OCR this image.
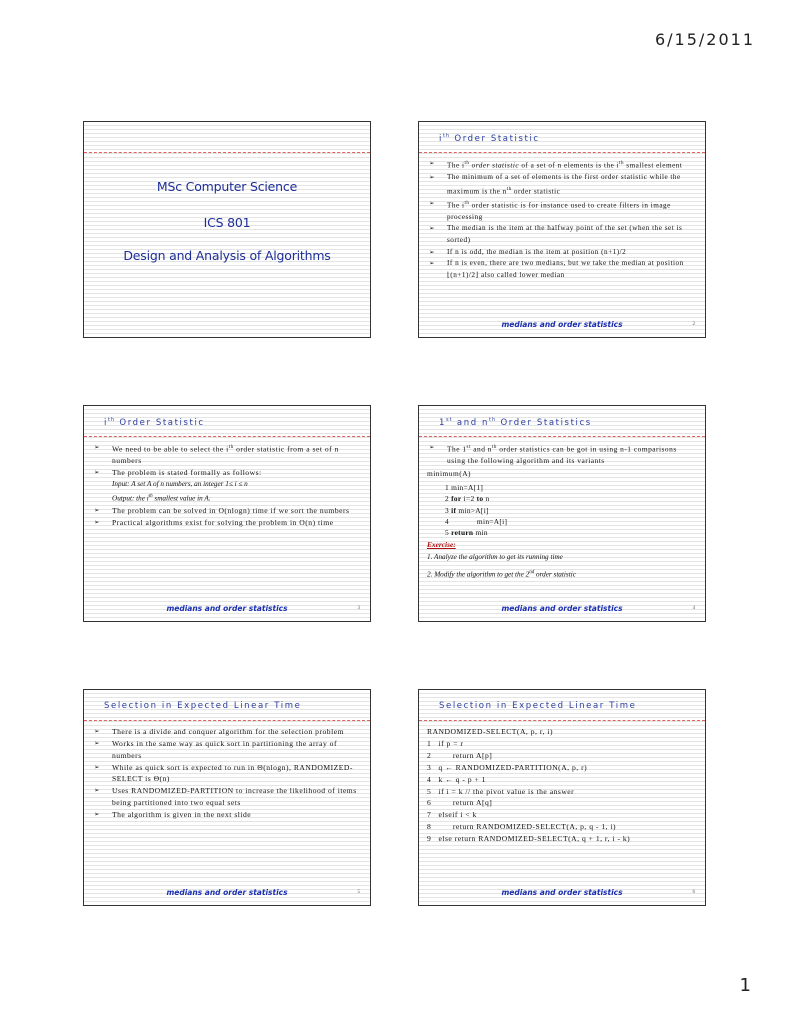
6/15/2011
MSc Computer Science
ICS 801
Design and Analysis of Algorithms
$i^{th}$ Order Statistic
➢ The $i^{th}$ order statistic of a set of n elements is the $i^{th}$ smallest element
➢ The minimum of a set of elements is the first order statistic while the maximum is the $n^{th}$ order statistic
➢ The $i^{th}$ order statistic is for instance used to create filters in image processing
➢ The median is the item at the halfway point of the set (when the set is sorted)
➢ If n is odd, the median is the item at position (n+1)/2
➢ If n is even, there are two medians, but we take the median at position ⌊(n+1)/2⌋ also called lower median
medians and order statistics	2
$i^{th}$ Order Statistic
➢ We need to be able to select the $i^{th}$ order statistic from a set of n numbers
➢ The problem is stated formally as follows:
Input: A set A of n numbers, an integer 1≤ i ≤ n
Output: the $i^{th}$ smallest value in A.
➢ The problem can be solved in O(nlogn) time if we sort the numbers
➢ Practical algorithms exist for solving the problem in O(n) time
medians and order statistics	3
1st and $n^{th}$ Order Statistics
➢ The 1st and $n^{th}$ order statistics can be got in using n-1 comparisons using the following algorithm and its variants
minimum(A)
1 min=A[1]
2 for i=2 to n
3 if min>A[i]
4             min=A[i]
5 return min
Exercise:
1. Analyze the algorithm to get its running time
2. Modify the algorithm to get the 2nd order statistic
medians and order statistics	4
Selection in Expected Linear Time
➢ There is a divide and conquer algorithm for the selection problem
➢ Works in the same way as quick sort in partitioning the array of numbers
➢ While as quick sort is expected to run in Θ(nlogn), RANDOMIZED-SELECT is Θ(n)
➢ Uses RANDOMIZED-PARTITION to increase the likelihood of items being partitioned into two equal sets
➢ The algorithm is given in the next slide
medians and order statistics	5
Selection in Expected Linear Time
RANDOMIZED-SELECT(A, p, r, i)
1   if p = r
2         return A[p]
3   q ← RANDOMIZED-PARTITION(A, p, r)
4   k ← q - p + 1
5   if i = k // the pivot value is the answer
6         return A[q]
7   elseif i < k
8         return RANDOMIZED-SELECT(A, p, q - 1, i)
9   else return RANDOMIZED-SELECT(A, q + 1, r, i - k)
medians and order statistics	6
1
